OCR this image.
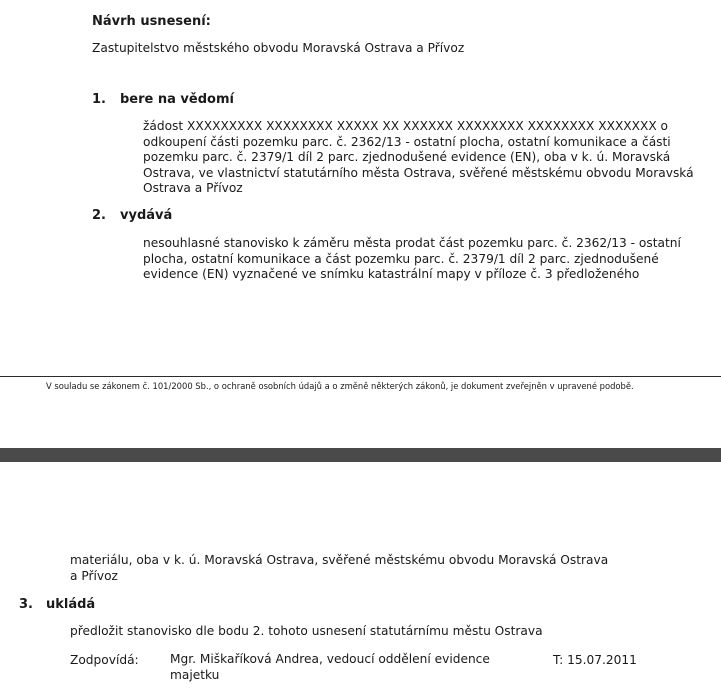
Návrh usnesení:
Zastupitelstvo městského obvodu Moravská Ostrava a Přívoz
1. bere na vědomí
žádost XXXXXXXXX XXXXXXXX XXXXX XX XXXXXX XXXXXXXX XXXXXXXX XXXXXXX o
odkoupení části pozemku parc. č. 2362/13 - ostatní plocha, ostatní komunikace a části
pozemku parc. č. 2379/1 díl 2 parc. zjednodušené evidence (EN), oba v k. ú. Moravská
Ostrava, ve vlastnictví statutárního města Ostrava, svěřené městskému obvodu Moravská
Ostrava a Přívoz
2. vydává
nesouhlasné stanovisko k záměru města prodat část pozemku parc. č. 2362/13 - ostatní
plocha, ostatní komunikace a část pozemku parc. č. 2379/1 díl 2 parc. zjednodušené
evidence (EN) vyznačené ve snímku katastrální mapy v příloze č. 3 předloženého
V souladu se zákonem č. 101/2000 Sb., o ochraně osobních údajů a o změně některých zákonů, je dokument zveřejněn v upravené podobě.
materiálu, oba v k. ú. Moravská Ostrava, svěřené městskému obvodu Moravská Ostrava
a Přívoz
3. ukládá
předložit stanovisko dle bodu 2. tohoto usnesení statutárnímu městu Ostrava
Zodpovídá:	Mgr. Miškaříková Andrea, vedoucí oddělení evidence
majetku
T: 15.07.2011
